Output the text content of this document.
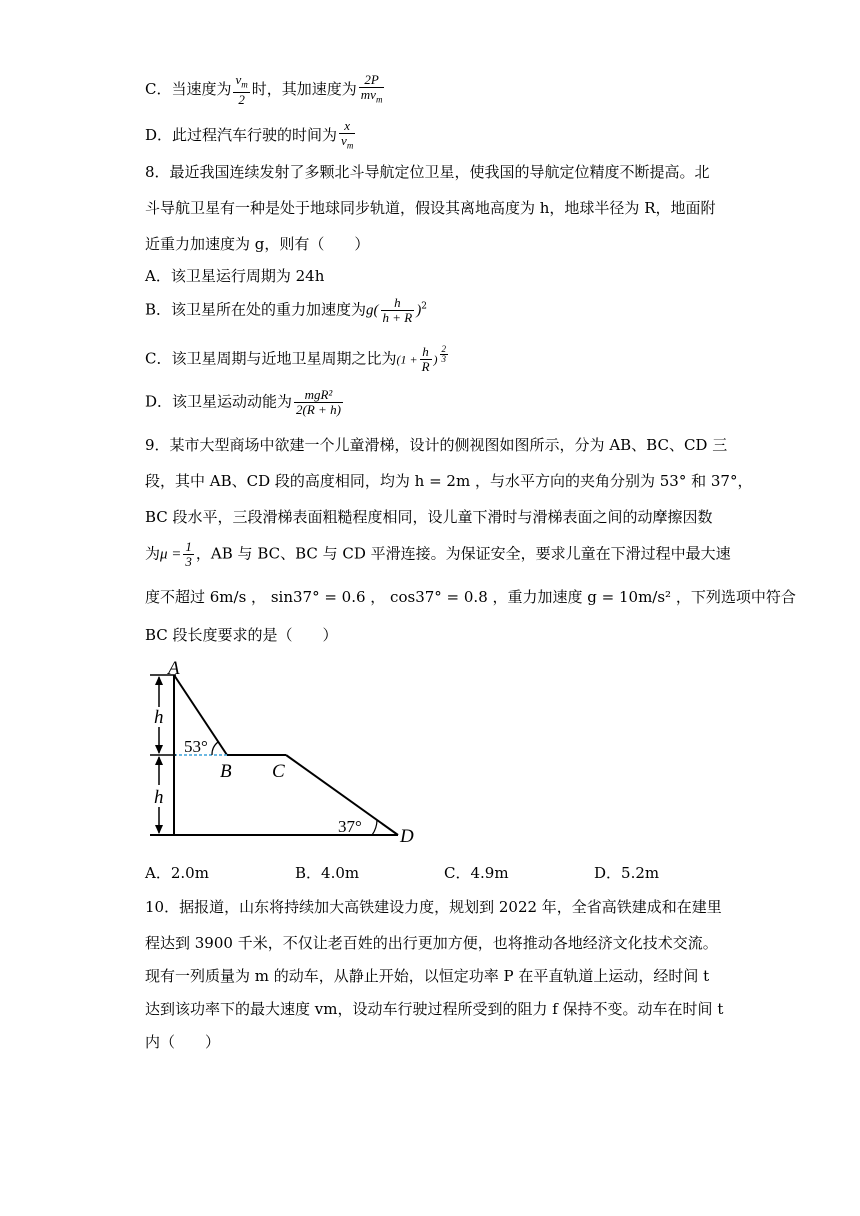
C．当速度为 $\frac{v_m}{2}$ 时，其加速度为 $\frac{2P}{mv_m}$
D．此过程汽车行驶的时间为 $\frac{x}{v_m}$
8．最近我国连续发射了多颗北斗导航定位卫星，使我国的导航定位精度不断提高。北
斗导航卫星有一种是处于地球同步轨道，假设其离地高度为 h，地球半径为 R，地面附
近重力加速度为 g，则有（　　）
A．该卫星运行周期为 24h
B．该卫星所在处的重力加速度为$g( \frac{h}{h + R} )^2$
C．该卫星周期与近地卫星周期之比为($1 + \frac{h}{R}$ ) $\frac{2}{3}$
D．该卫星运动动能为 $\frac{\text{mgR²}}{2(R + h)}$
9．某市大型商场中欲建一个儿童滑梯，设计的侧视图如图所示，分为 AB、BC、CD 三
段，其中 AB、CD 段的高度相同，均为 h = 2m ，与水平方向的夹角分别为 53° 和 37°，
BC 段水平，三段滑梯表面粗糙程度相同，设儿童下滑时与滑梯表面之间的动摩擦因数
为$\mu = \frac{1}{3}$ ，AB 与 BC、BC 与 CD 平滑连接。为保证安全，要求儿童在下滑过程中最大速
度不超过 6m/s ， sin37° = 0.6 ， cos37° = 0.8 ，重力加速度 g = 10m/s² ，下列选项中符合
BC 段长度要求的是（　　）
A
B C
D
h
h
53°
37°
A．2.0m	B．4.0m	C．4.9m	D．5.2m
10．据报道，山东将持续加大高铁建设力度，规划到 2022 年，全省高铁建成和在建里
程达到 3900 千米，不仅让老百姓的出行更加方便，也将推动各地经济文化技术交流。
现有一列质量为 m 的动车，从静止开始，以恒定功率 P 在平直轨道上运动，经时间 t
达到该功率下的最大速度 vm，设动车行驶过程所受到的阻力 f 保持不变。动车在时间 t
内（　　）
